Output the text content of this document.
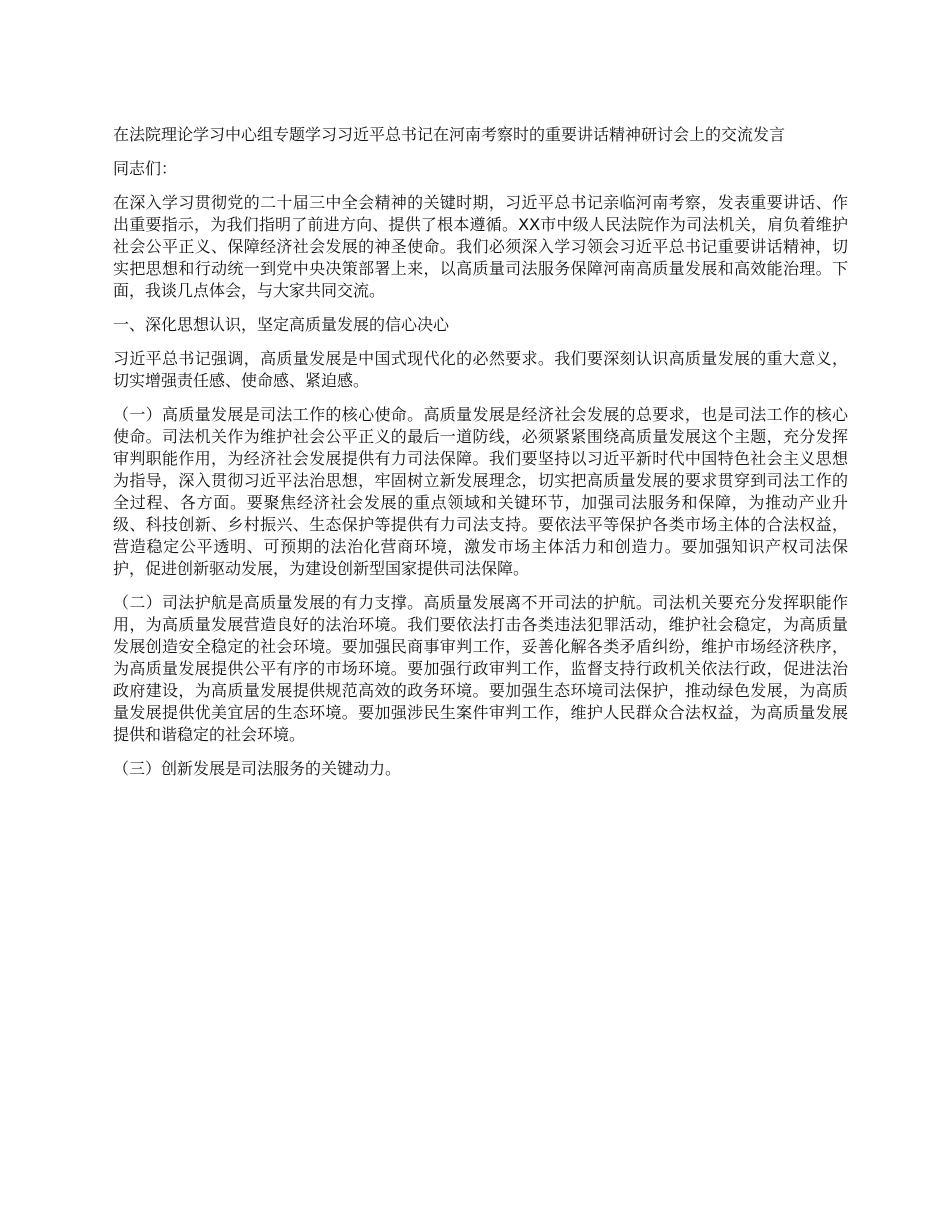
在法院理论学习中心组专题学习习近平总书记在河南考察时的重要讲话精神研讨会上的交流发言

同志们：

在深入学习贯彻党的二十届三中全会精神的关键时期，习近平总书记亲临河南考察，发表重要讲话、作出重要指示，为我们指明了前进方向、提供了根本遵循。XX市中级人民法院作为司法机关，肩负着维护社会公平正义、保障经济社会发展的神圣使命。我们必须深入学习领会习近平总书记重要讲话精神，切实把思想和行动统一到党中央决策部署上来，以高质量司法服务保障河南高质量发展和高效能治理。下面，我谈几点体会，与大家共同交流。

一、深化思想认识，坚定高质量发展的信心决心

习近平总书记强调，高质量发展是中国式现代化的必然要求。我们要深刻认识高质量发展的重大意义，切实增强责任感、使命感、紧迫感。

（一）高质量发展是司法工作的核心使命。高质量发展是经济社会发展的总要求，也是司法工作的核心使命。司法机关作为维护社会公平正义的最后一道防线，必须紧紧围绕高质量发展这个主题，充分发挥审判职能作用，为经济社会发展提供有力司法保障。我们要坚持以习近平新时代中国特色社会主义思想为指导，深入贯彻习近平法治思想，牢固树立新发展理念，切实把高质量发展的要求贯穿到司法工作的全过程、各方面。要聚焦经济社会发展的重点领域和关键环节，加强司法服务和保障，为推动产业升级、科技创新、乡村振兴、生态保护等提供有力司法支持。要依法平等保护各类市场主体的合法权益，营造稳定公平透明、可预期的法治化营商环境，激发市场主体活力和创造力。要加强知识产权司法保护，促进创新驱动发展，为建设创新型国家提供司法保障。

（二）司法护航是高质量发展的有力支撑。高质量发展离不开司法的护航。司法机关要充分发挥职能作用，为高质量发展营造良好的法治环境。我们要依法打击各类违法犯罪活动，维护社会稳定，为高质量发展创造安全稳定的社会环境。要加强民商事审判工作，妥善化解各类矛盾纠纷，维护市场经济秩序，为高质量发展提供公平有序的市场环境。要加强行政审判工作，监督支持行政机关依法行政，促进法治政府建设，为高质量发展提供规范高效的政务环境。要加强生态环境司法保护，推动绿色发展，为高质量发展提供优美宜居的生态环境。要加强涉民生案件审判工作，维护人民群众合法权益，为高质量发展提供和谐稳定的社会环境。

（三）创新发展是司法服务的关键动力。
